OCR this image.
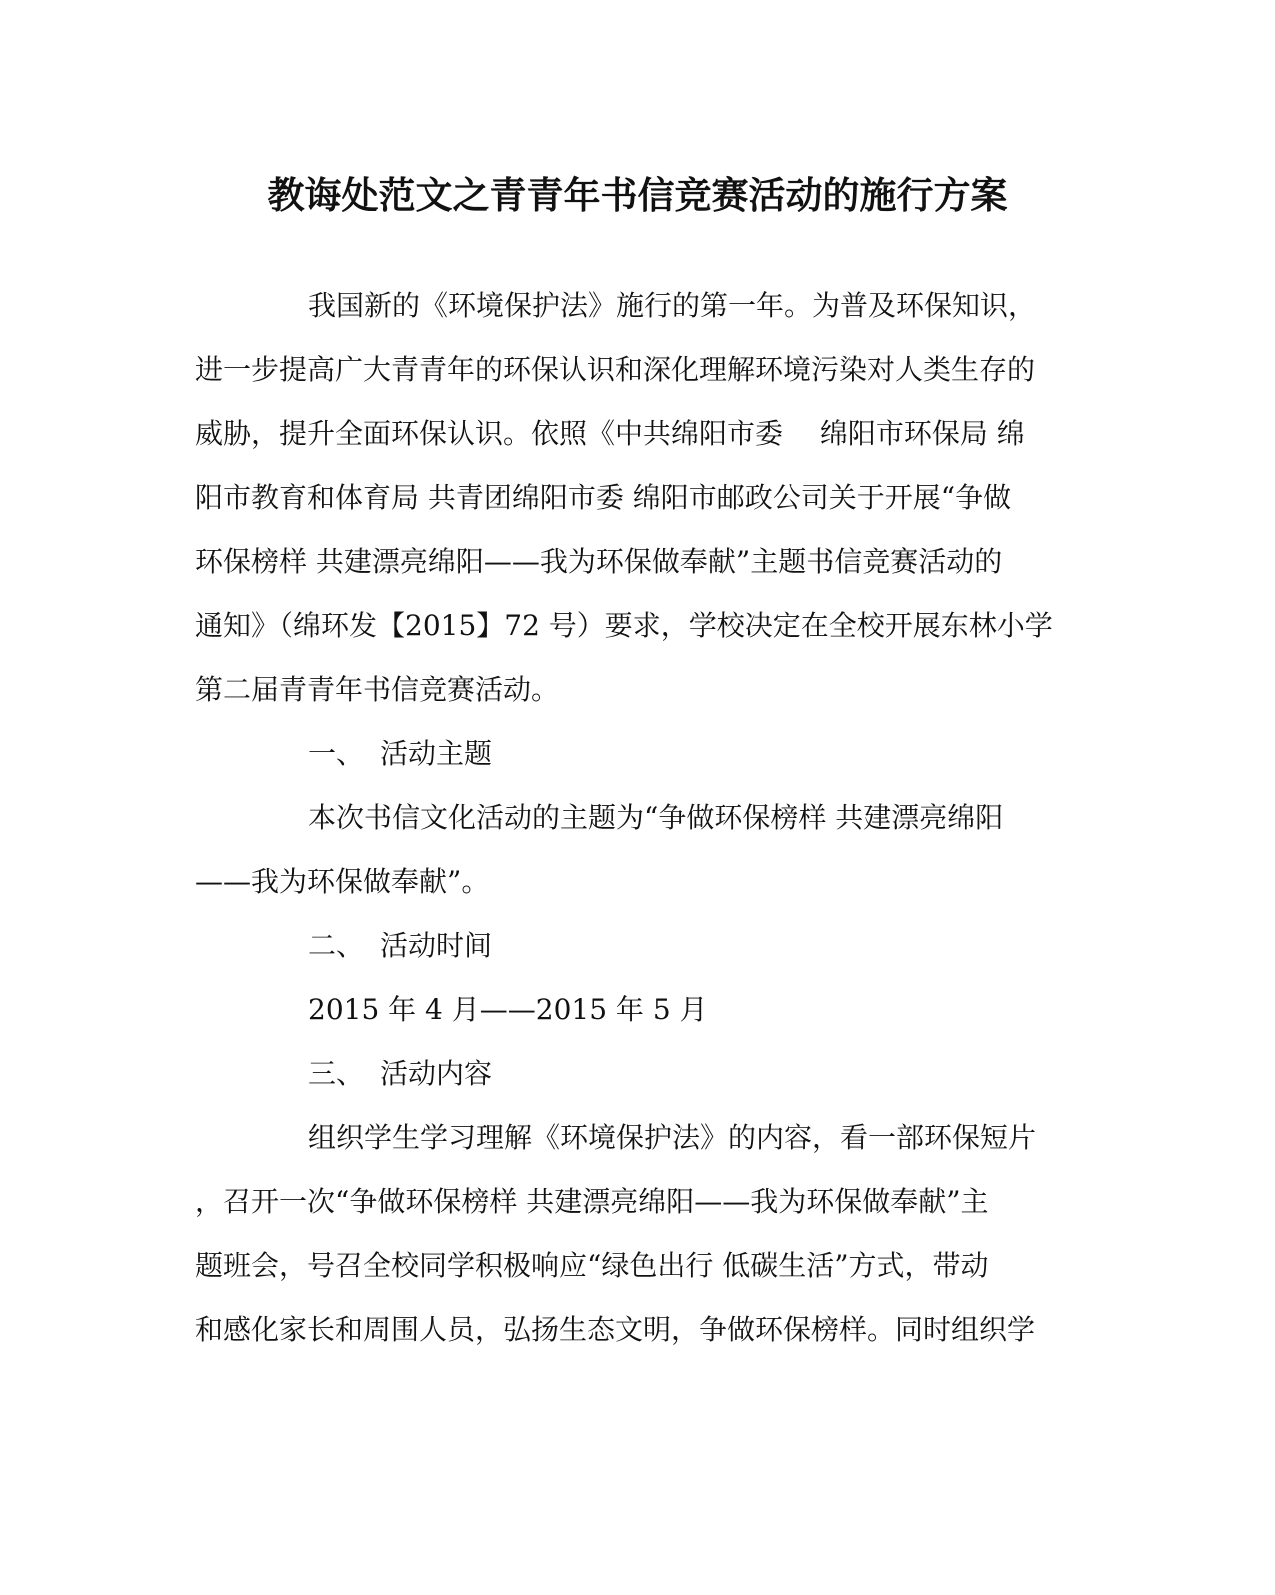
教诲处范文之青青年书信竞赛活动的施行方案
我国新的《环境保护法》施行的第一年。为普及环保知识，
进一步提高广大青青年的环保认识和深化理解环境污染对人类生存的
威胁，提升全面环保认识。依照《中共绵阳市委　 绵阳市环保局 绵
阳市教育和体育局 共青团绵阳市委 绵阳市邮政公司关于开展“争做
环保榜样 共建漂亮绵阳——我为环保做奉献”主题书信竞赛活动的
通知》（绵环发【2015】72 号）要求，学校决定在全校开展东林小学
第二届青青年书信竞赛活动。
一、 活动主题
本次书信文化活动的主题为“争做环保榜样 共建漂亮绵阳
——我为环保做奉献”。
二、 活动时间
2015 年 4 月——2015 年 5 月
三、 活动内容
组织学生学习理解《环境保护法》的内容，看一部环保短片
，召开一次“争做环保榜样 共建漂亮绵阳——我为环保做奉献”主
题班会，号召全校同学积极响应“绿色出行 低碳生活”方式，带动
和感化家长和周围人员，弘扬生态文明，争做环保榜样。同时组织学
